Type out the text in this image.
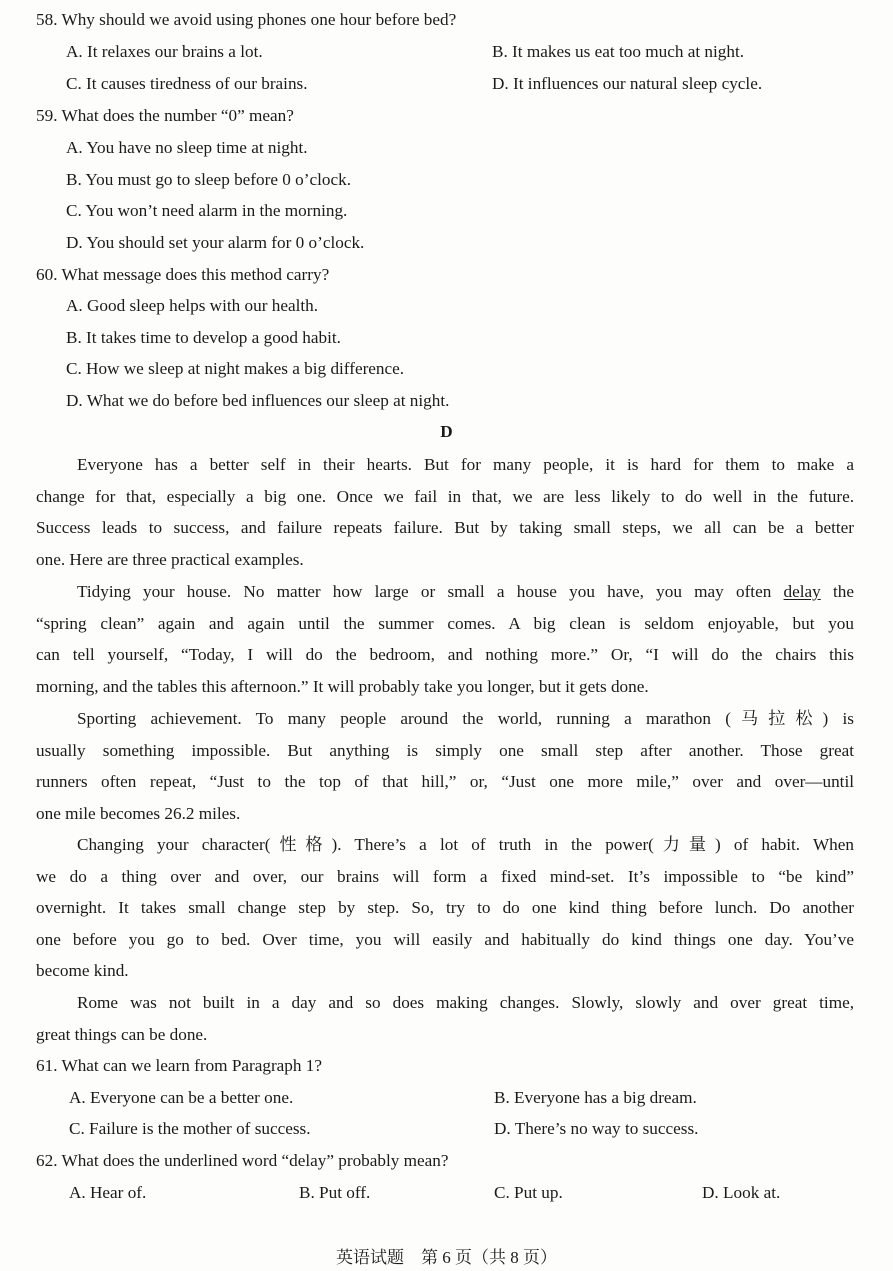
58. Why should we avoid using phones one hour before bed?
A. It relaxes our brains a lot.	B. It makes us eat too much at night.
C. It causes tiredness of our brains.	D. It influences our natural sleep cycle.
59. What does the number “0” mean?
A. You have no sleep time at night.
B. You must go to sleep before 0 o’clock.
C. You won’t need alarm in the morning.
D. You should set your alarm for 0 o’clock.
60. What message does this method carry?
A. Good sleep helps with our health.
B. It takes time to develop a good habit.
C. How we sleep at night makes a big difference.
D. What we do before bed influences our sleep at night.
D
Everyone has a better self in their hearts. But for many people, it is hard for them to make a
change for that, especially a big one. Once we fail in that, we are less likely to do well in the future.
Success leads to success, and failure repeats failure. But by taking small steps, we all can be a better
one. Here are three practical examples.
Tidying your house. No matter how large or small a house you have, you may often delay the
“spring clean” again and again until the summer comes. A big clean is seldom enjoyable, but you
can tell yourself, “Today, I will do the bedroom, and nothing more.” Or, “I will do the chairs this
morning, and the tables this afternoon.” It will probably take you longer, but it gets done.
Sporting achievement. To many people around the world, running a marathon (马拉松) is
usually something impossible. But anything is simply one small step after another. Those great
runners often repeat, “Just to the top of that hill,” or, “Just one more mile,” over and over—until
one mile becomes 26.2 miles.
Changing your character(性格). There’s a lot of truth in the power(力量) of habit. When
we do a thing over and over, our brains will form a fixed mind-set. It’s impossible to “be kind”
overnight. It takes small change step by step. So, try to do one kind thing before lunch. Do another
one before you go to bed. Over time, you will easily and habitually do kind things one day. You’ve
become kind.
Rome was not built in a day and so does making changes. Slowly, slowly and over great time,
great things can be done.
61. What can we learn from Paragraph 1?
A. Everyone can be a better one.	B. Everyone has a big dream.
C. Failure is the mother of success.	D. There’s no way to success.
62. What does the underlined word “delay” probably mean?
A. Hear of.	B. Put off.	C. Put up.	D. Look at.
英语试题　第 6 页（共 8 页）
